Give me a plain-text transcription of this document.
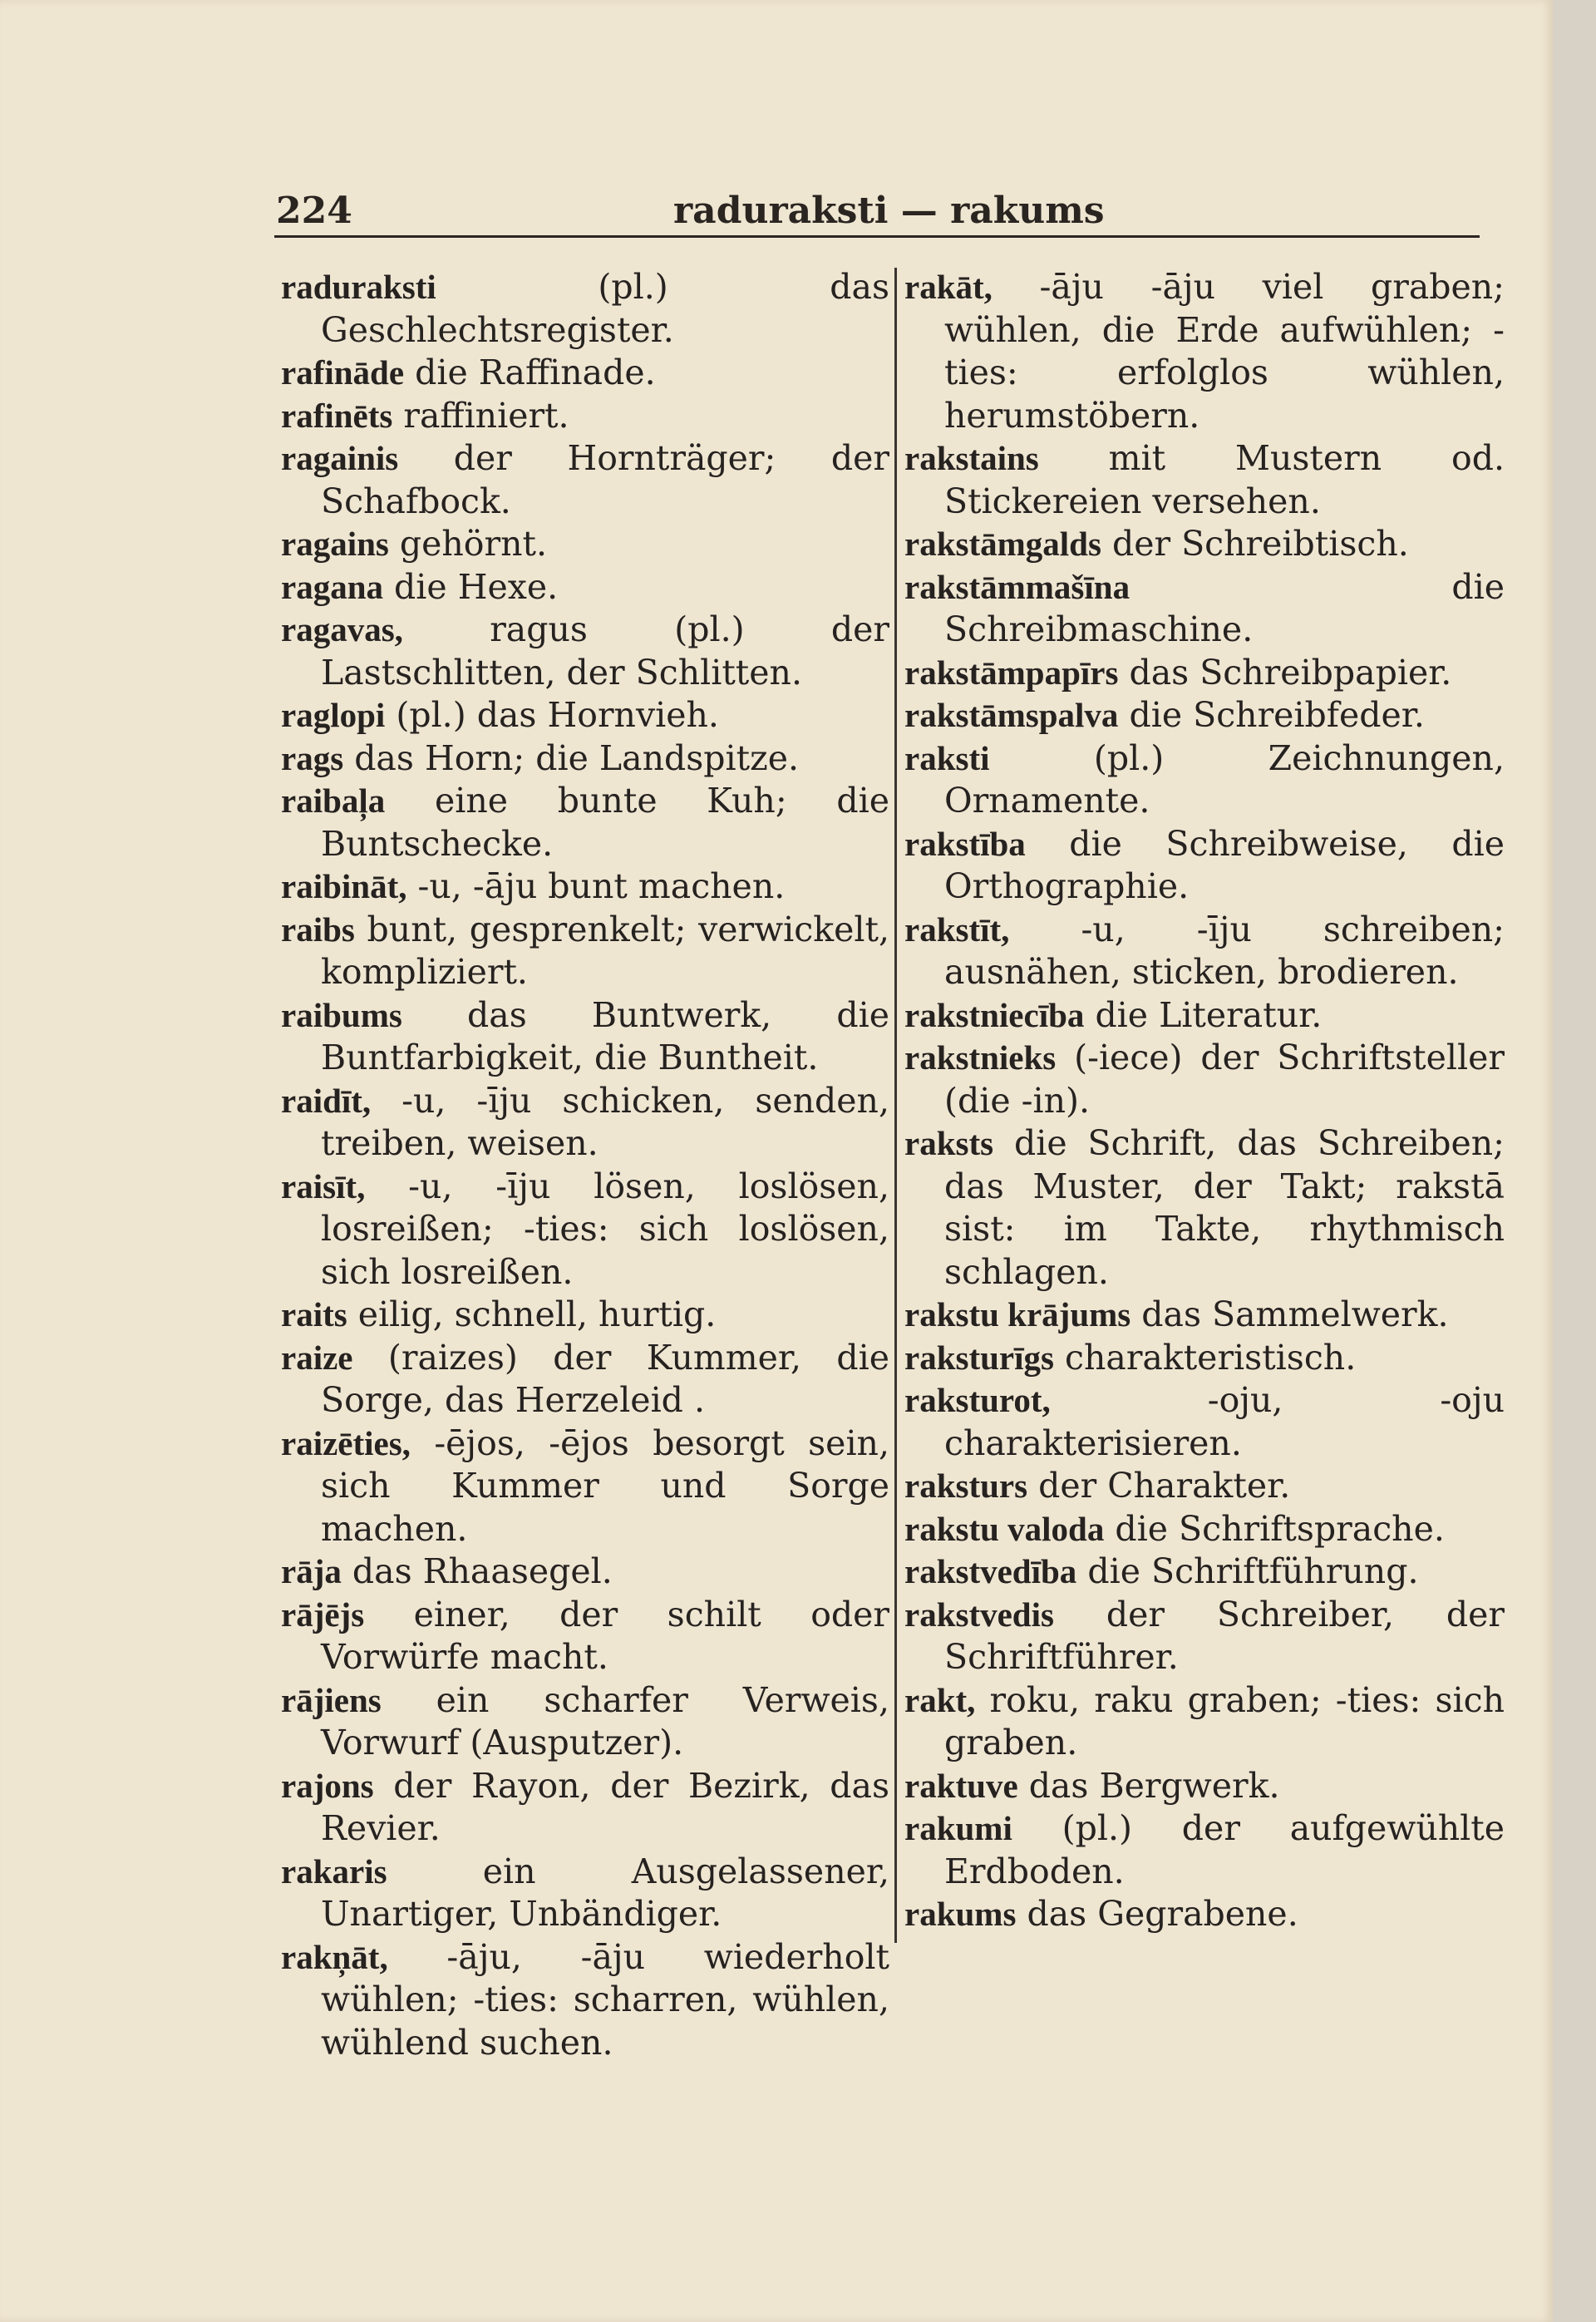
224	raduraksti — rakums

raduraksti (pl.) das Geschlechtsregister.

rafināde die Raffinade.

rafinēts raffiniert.

ragainis der Hornträger; der Schafbock.

ragains gehörnt.

ragana die Hexe.

ragavas, ragus (pl.) der Lastschlitten, der Schlitten.

raglopi (pl.) das Hornvieh.

rags das Horn; die Landspitze.

raibaļa eine bunte Kuh; die Buntschecke.

raibināt, -u, -āju bunt machen.

raibs bunt, gesprenkelt; verwickelt, kompliziert.

raibums das Buntwerk, die Buntfarbigkeit, die Buntheit.

raidīt, -u, -īju schicken, senden, treiben, weisen.

raisīt, -u, -īju lösen, loslösen, losreißen; -ties: sich loslösen, sich losreißen.

raits eilig, schnell, hurtig.

raize (raizes) der Kummer, die Sorge, das Herzeleid .

raizēties, -ējos, -ējos besorgt sein, sich Kummer und Sorge machen.

rāja das Rhaasegel.

rājējs einer, der schilt oder Vorwürfe macht.

rājiens ein scharfer Verweis, Vorwurf (Ausputzer).

rajons der Rayon, der Bezirk, das Revier.

rakaris ein Ausgelassener, Unartiger, Unbändiger.

rakņāt, -āju, -āju wiederholt wühlen; -ties: scharren, wühlen, wühlend suchen.

rakāt, -āju -āju viel graben; wühlen, die Erde aufwühlen; -ties: erfolglos wühlen, herumstöbern.

rakstains mit Mustern od. Stickereien versehen.

rakstāmgalds der Schreibtisch.

rakstāmmašīna die Schreibmaschine.

rakstāmpapīrs das Schreibpapier.

rakstāmspalva die Schreibfeder.

raksti (pl.) Zeichnungen, Ornamente.

rakstība die Schreibweise, die Orthographie.

rakstīt, -u, -īju schreiben; ausnähen, sticken, brodieren.

rakstniecība die Literatur.

rakstnieks (-iece) der Schriftsteller (die -in).

raksts die Schrift, das Schreiben; das Muster, der Takt; rakstā sist: im Takte, rhythmisch schlagen.

rakstu krājums das Sammelwerk.

raksturīgs charakteristisch.

raksturot, -oju, -oju charakterisieren.

raksturs der Charakter.

rakstu valoda die Schriftsprache.

rakstvedība die Schriftführung.

rakstvedis der Schreiber, der Schriftführer.

rakt, roku, raku graben; -ties: sich graben.

raktuve das Bergwerk.

rakumi (pl.) der aufgewühlte Erdboden.

rakums das Gegrabene.
